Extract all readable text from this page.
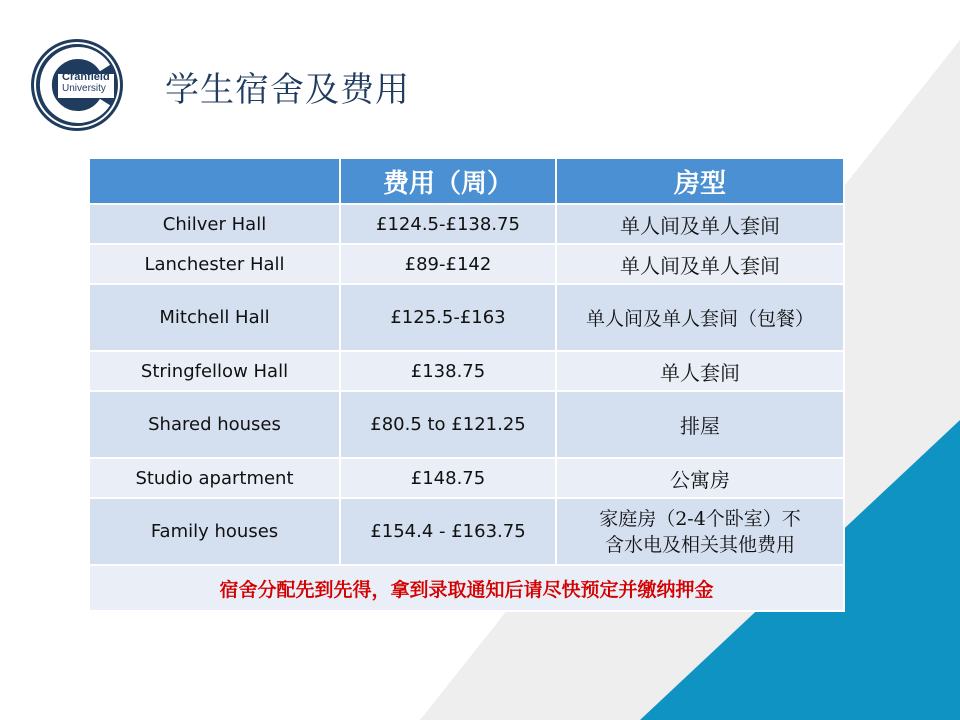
Cranfield
University	学生宿舍及费用
	费用（周）	房型
Chilver Hall	£124.5-£138.75	单人间及单人套间
Lanchester Hall	£89-£142	单人间及单人套间
Mitchell Hall	£125.5-£163	单人间及单人套间（包餐）
Stringfellow Hall	£138.75	单人套间
Shared houses	£80.5 to £121.25	排屋
Studio apartment	£148.75	公寓房
Family houses	£154.4 - £163.75	家庭房（2-4个卧室）不
含水电及相关其他费用

宿舍分配先到先得，拿到录取通知后请尽快预定并缴纳押金		
